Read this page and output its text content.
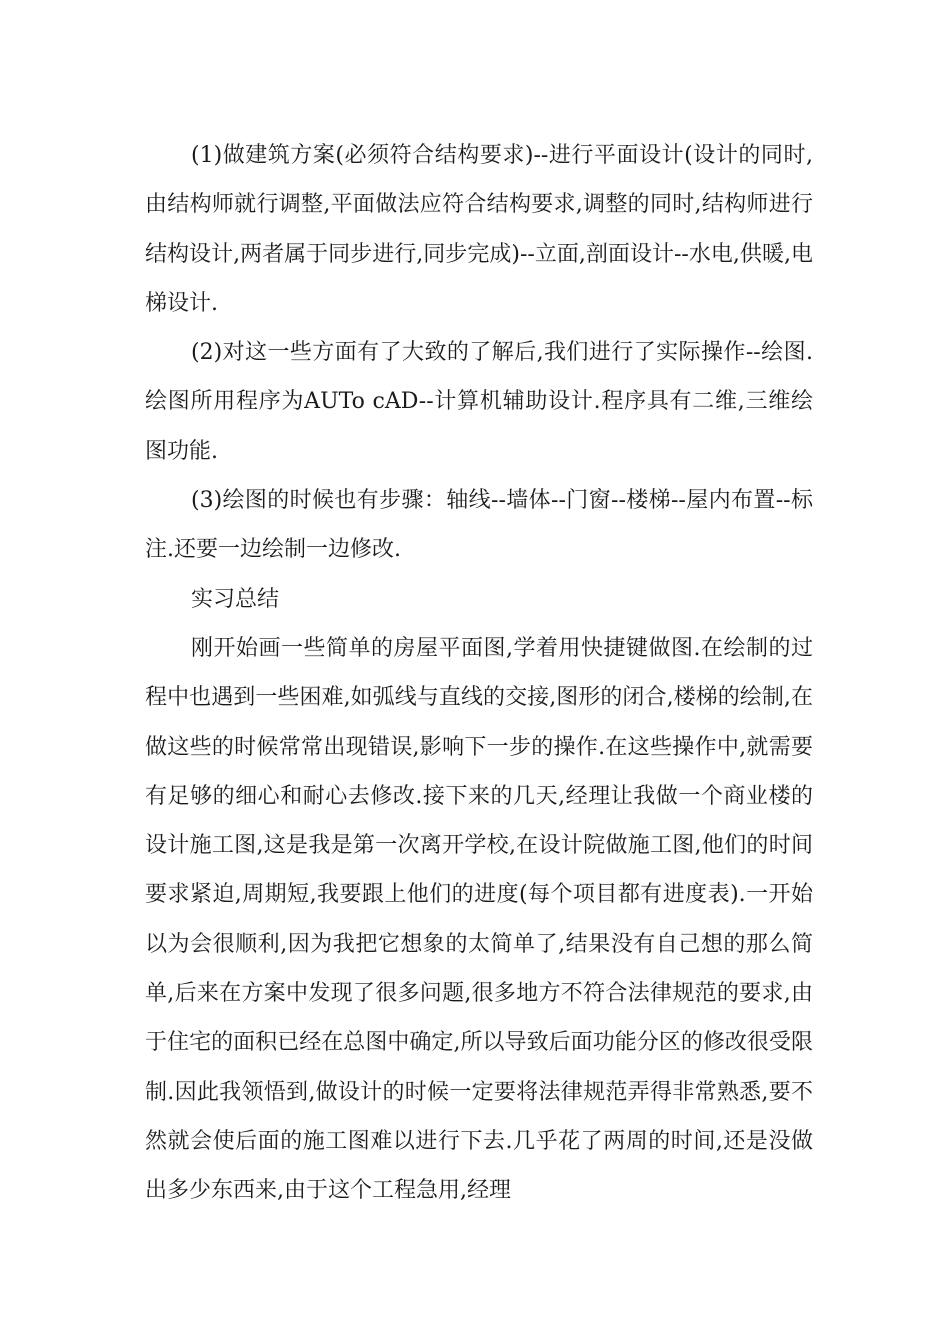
(1)做建筑方案(必须符合结构要求)--进行平面设计(设计的同时,由结构师就行调整,平面做法应符合结构要求,调整的同时,结构师进行结构设计,两者属于同步进行,同步完成)--立面,剖面设计--水电,供暖,电梯设计.

(2)对这一些方面有了大致的了解后,我们进行了实际操作--绘图.绘图所用程序为AUTo cAD--计算机辅助设计.程序具有二维,三维绘图功能.

(3)绘图的时候也有步骤：轴线--墙体--门窗--楼梯--屋内布置--标注.还要一边绘制一边修改.

实习总结

刚开始画一些简单的房屋平面图,学着用快捷键做图.在绘制的过程中也遇到一些困难,如弧线与直线的交接,图形的闭合,楼梯的绘制,在做这些的时候常常出现错误,影响下一步的操作.在这些操作中,就需要有足够的细心和耐心去修改.接下来的几天,经理让我做一个商业楼的设计施工图,这是我是第一次离开学校,在设计院做施工图,他们的时间要求紧迫,周期短,我要跟上他们的进度(每个项目都有进度表).一开始以为会很顺利,因为我把它想象的太简单了,结果没有自己想的那么简单,后来在方案中发现了很多问题,很多地方不符合法律规范的要求,由于住宅的面积已经在总图中确定,所以导致后面功能分区的修改很受限制.因此我领悟到,做设计的时候一定要将法律规范弄得非常熟悉,要不然就会使后面的施工图难以进行下去.几乎花了两周的时间,还是没做出多少东西来,由于这个工程急用,经理
